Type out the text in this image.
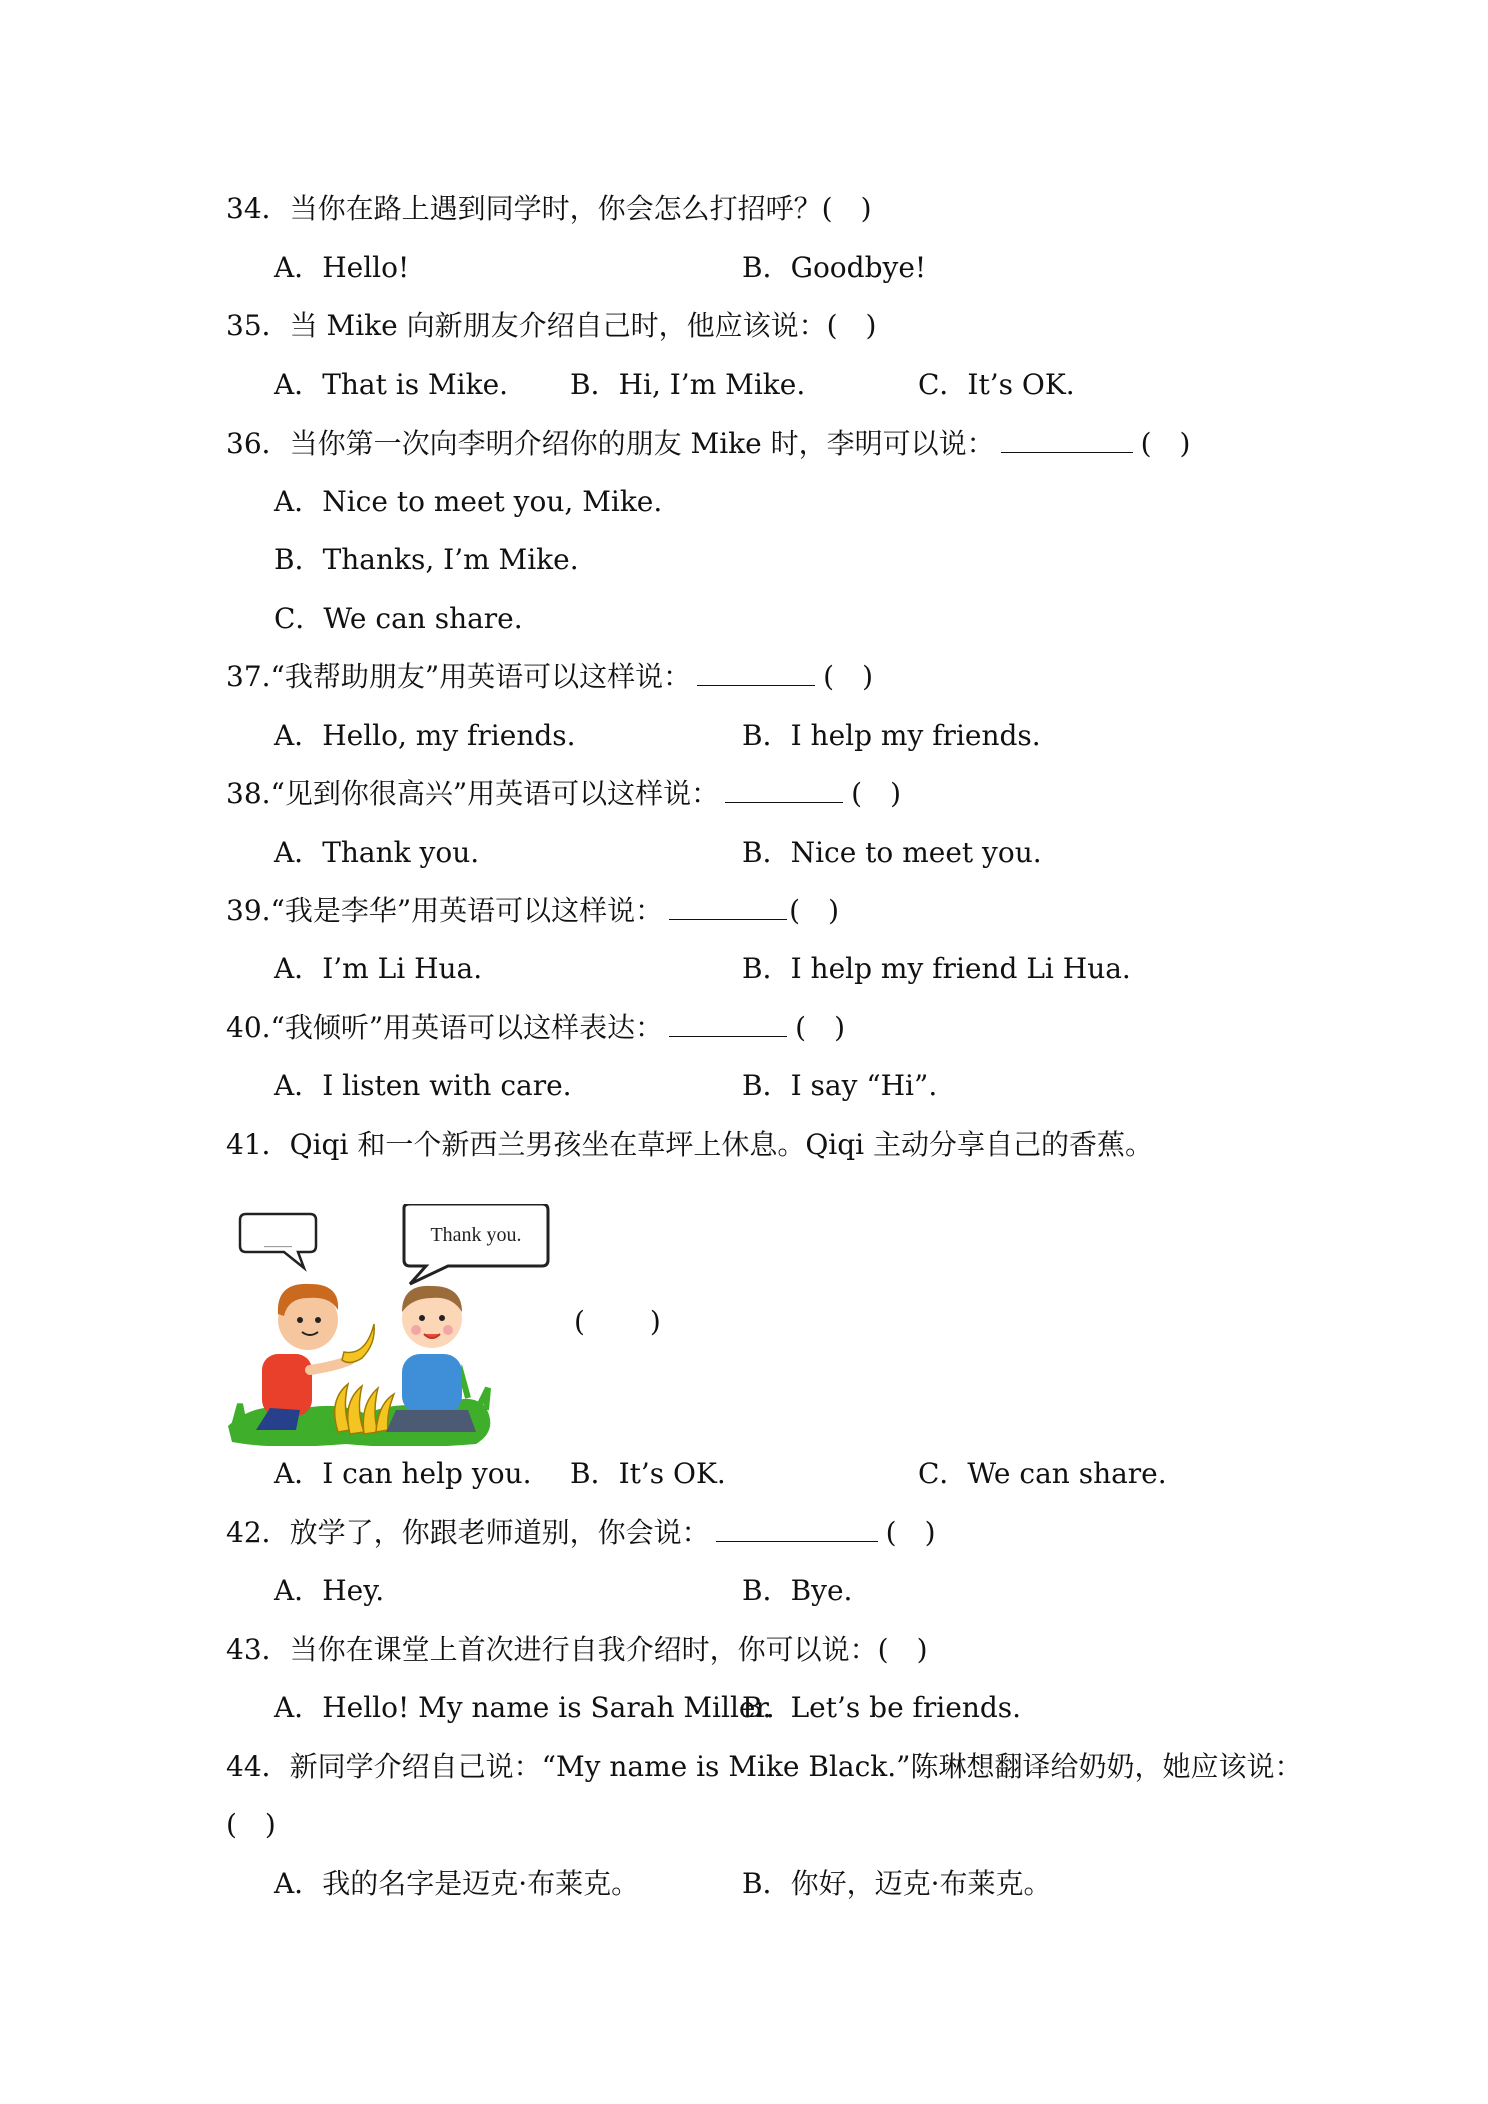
34．当你在路上遇到同学时，你会怎么打招呼？(　)
A．Hello!	B．Goodbye!
35．当 Mike 向新朋友介绍自己时，他应该说：(　)
A．That is Mike. B．Hi, I’m Mike.	C．It’s OK.
36．当你第一次向李明介绍你的朋友 Mike 时，李明可以说：	(　)
A．Nice to meet you, Mike.
B．Thanks, I’m Mike.
C．We can share.
37.“我帮助朋友”用英语可以这样说：	(　)
A．Hello, my friends.	B．I help my friends.
38.“见到你很高兴”用英语可以这样说：	(　)
A．Thank you.	B．Nice to meet you.
39.“我是李华”用英语可以这样说：	(　)
A．I’m Li Hua.	B．I help my friend Li Hua.
40.“我倾听”用英语可以这样表达：	(　)
A．I listen with care.	B．I say “Hi”.
41．Qiqi 和一个新西兰男孩坐在草坪上休息。Qiqi 主动分享自己的香蕉。
____	Thank you.
(　　 )
A．I can help you. B．It’s OK.	C．We can share.
42．放学了，你跟老师道别，你会说：	(　)
A．Hey.	B．Bye.
43．当你在课堂上首次进行自我介绍时，你可以说：(　)
A．Hello! My name is Sarah Miller.
B．Let’s be friends.
44．新同学介绍自己说：“My name is Mike Black.”陈琳想翻译给奶奶，她应该说：
(　)
A．我的名字是迈克·布莱克。	B．你好，迈克·布莱克。
